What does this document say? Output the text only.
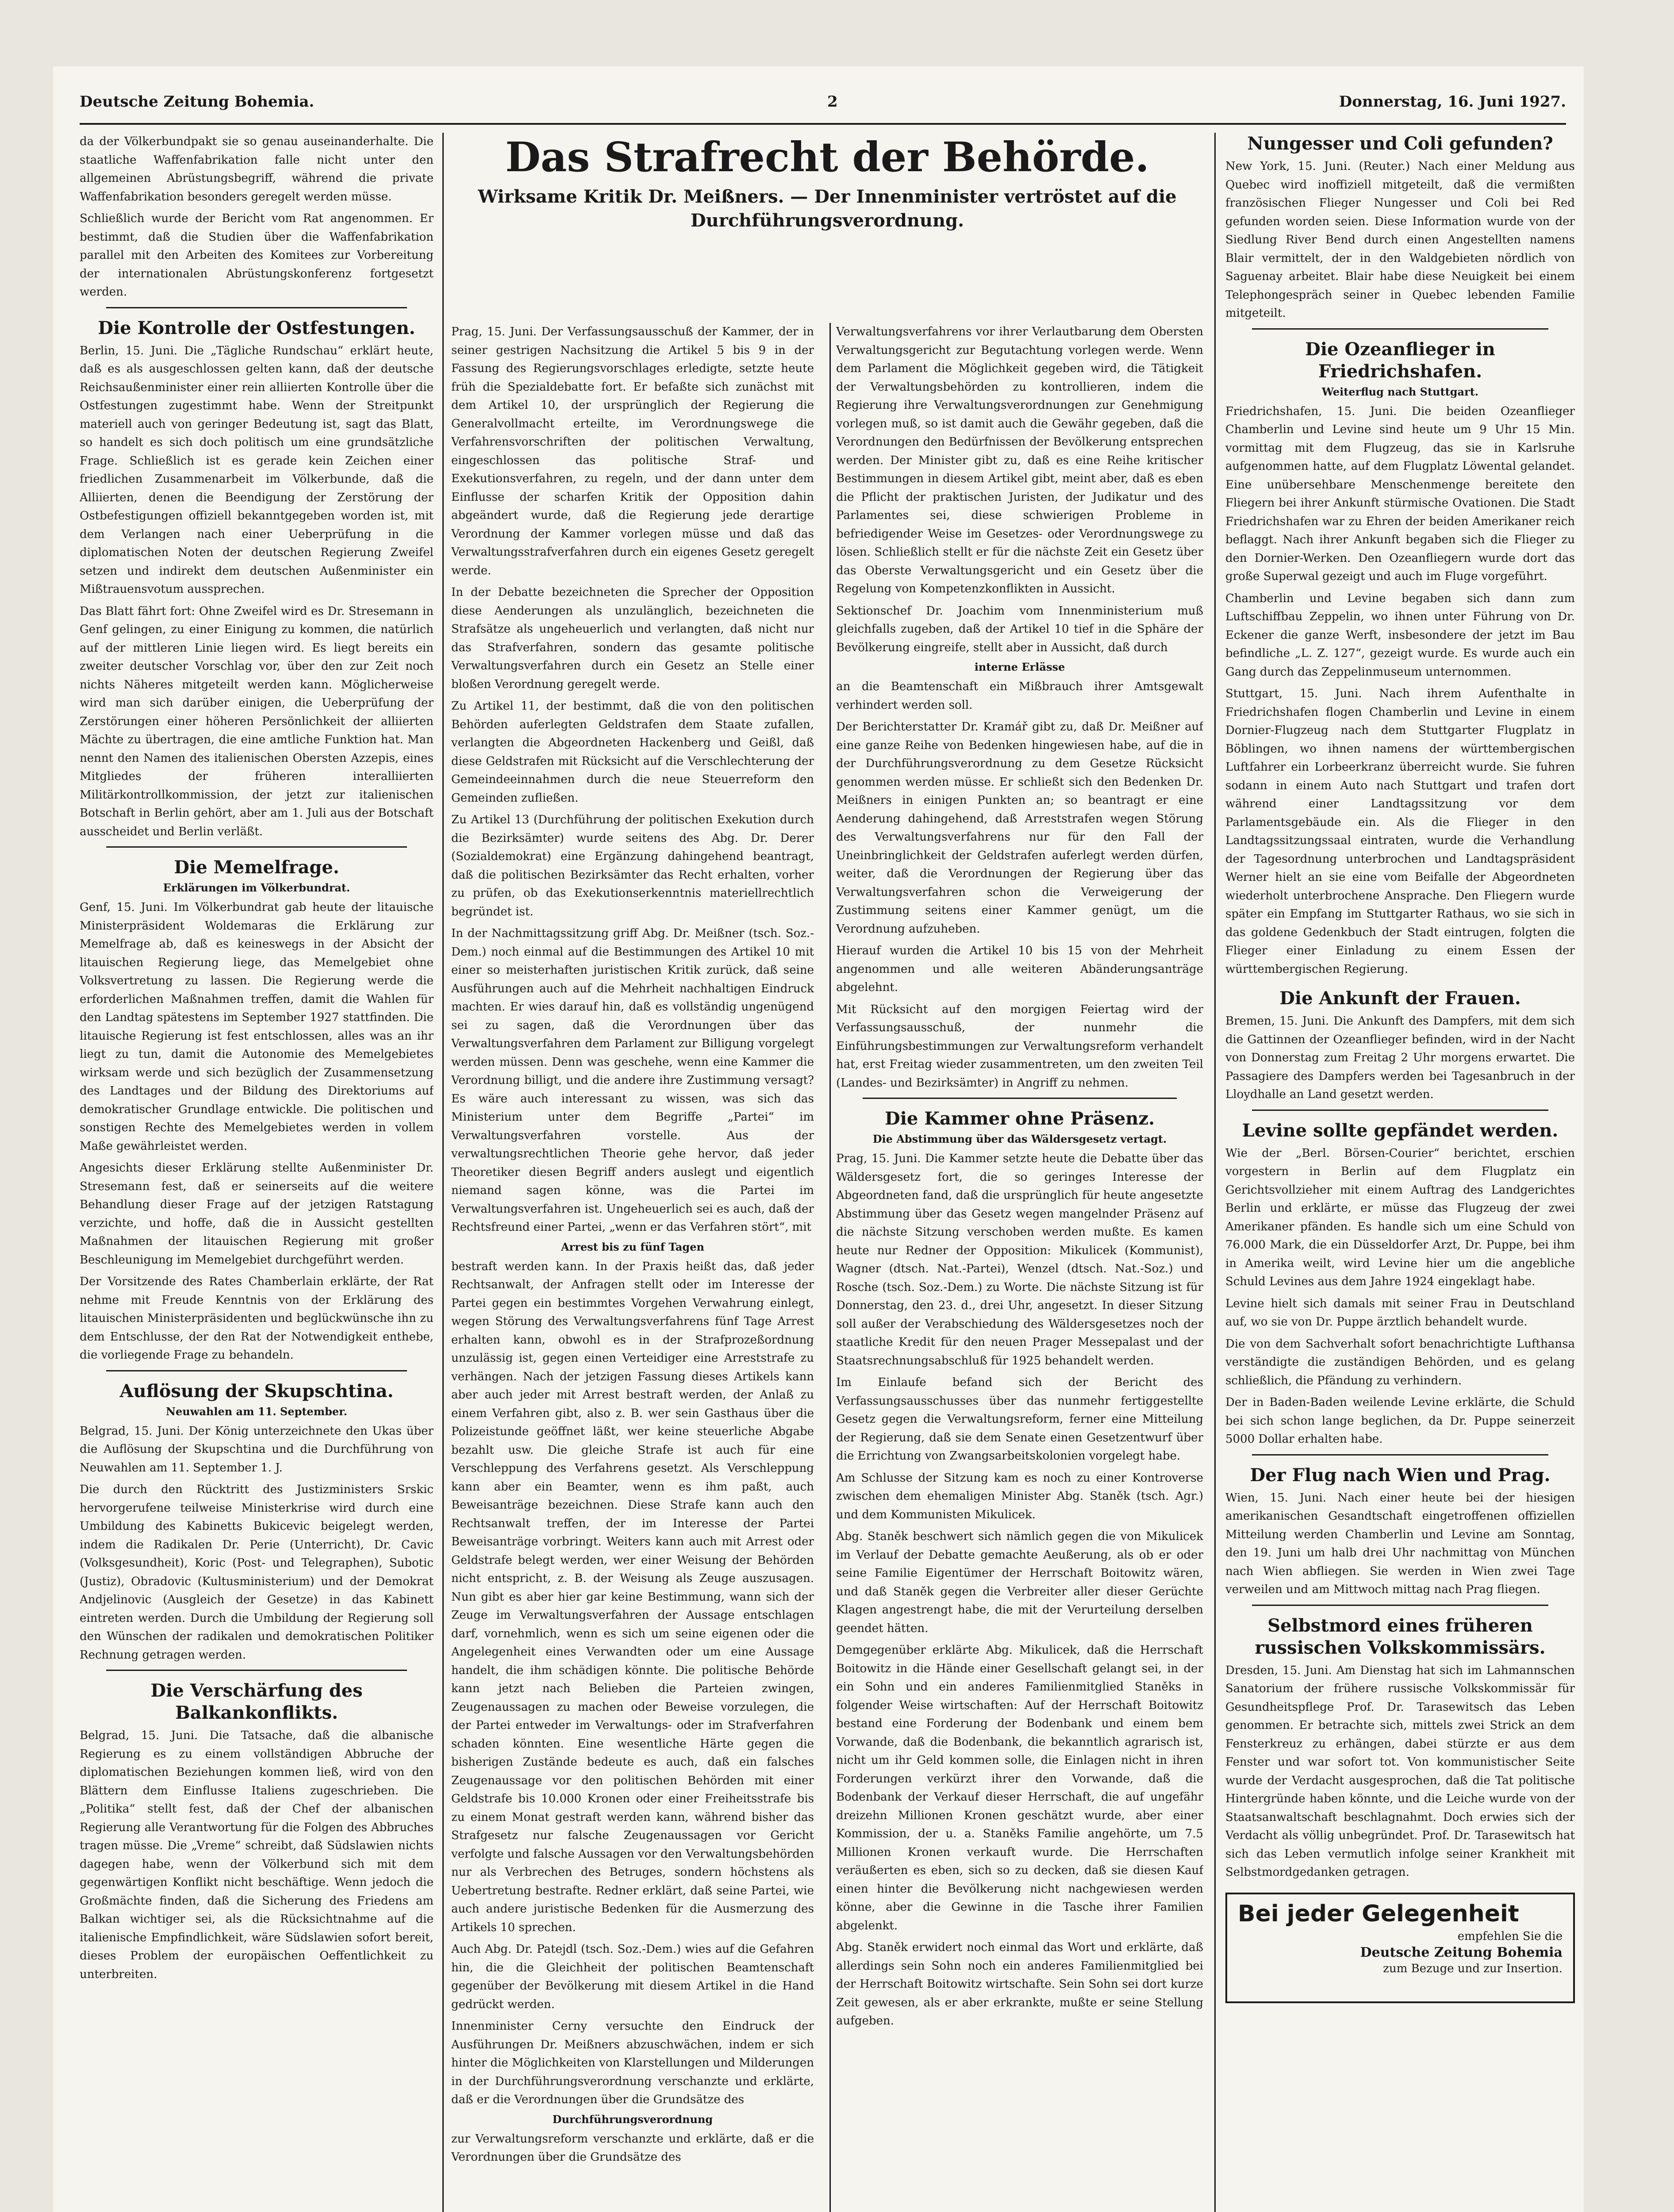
Deutsche Zeitung Bohemia.	2	Donnerstag, 16. Juni 1927.

da der Völkerbundpakt sie so genau auseinanderhalte. Die staatliche Waffenfabrikation falle nicht unter den allgemeinen Abrüstungsbegriff, während die private Waffenfabrikation besonders geregelt werden müsse.

Schließlich wurde der Bericht vom Rat angenommen. Er bestimmt, daß die Studien über die Waffenfabrikation parallel mit den Arbeiten des Komitees zur Vorbereitung der internationalen Abrüstungskonferenz fortgesetzt werden.

Die Kontrolle der Ostfestungen.

Berlin, 15. Juni. Die „Tägliche Rundschau“ erklärt heute, daß es als ausgeschlossen gelten kann, daß der deutsche Reichsaußenminister einer rein alliierten Kontrolle über die Ostfestungen zugestimmt habe. Wenn der Streitpunkt materiell auch von geringer Bedeutung ist, sagt das Blatt, so handelt es sich doch politisch um eine grundsätzliche Frage. Schließlich ist es gerade kein Zeichen einer friedlichen Zusammenarbeit im Völkerbunde, daß die Alliierten, denen die Beendigung der Zerstörung der Ostbefestigungen offiziell bekanntgegeben worden ist, mit dem Verlangen nach einer Ueberprüfung in die diplomatischen Noten der deutschen Regierung Zweifel setzen und indirekt dem deutschen Außenminister ein Mißtrauensvotum aussprechen.

Das Blatt fährt fort: Ohne Zweifel wird es Dr. Stresemann in Genf gelingen, zu einer Einigung zu kommen, die natürlich auf der mittleren Linie liegen wird. Es liegt bereits ein zweiter deutscher Vorschlag vor, über den zur Zeit noch nichts Näheres mitgeteilt werden kann. Möglicherweise wird man sich darüber einigen, die Ueberprüfung der Zerstörungen einer höheren Persönlichkeit der alliierten Mächte zu übertragen, die eine amtliche Funktion hat. Man nennt den Namen des italienischen Obersten Azzepis, eines Mitgliedes der früheren interalliierten Militärkontrollkommission, der jetzt zur italienischen Botschaft in Berlin gehört, aber am 1. Juli aus der Botschaft ausscheidet und Berlin verläßt.

Die Memelfrage.
Erklärungen im Völkerbundrat.

Genf, 15. Juni. Im Völkerbundrat gab heute der litauische Ministerpräsident Woldemaras die Erklärung zur Memelfrage ab, daß es keineswegs in der Absicht der litauischen Regierung liege, das Memelgebiet ohne Volksvertretung zu lassen. Die Regierung werde die erforderlichen Maßnahmen treffen, damit die Wahlen für den Landtag spätestens im September 1927 stattfinden. Die litauische Regierung ist fest entschlossen, alles was an ihr liegt zu tun, damit die Autonomie des Memelgebietes wirksam werde und sich bezüglich der Zusammensetzung des Landtages und der Bildung des Direktoriums auf demokratischer Grundlage entwickle. Die politischen und sonstigen Rechte des Memelgebietes werden in vollem Maße gewährleistet werden.

Angesichts dieser Erklärung stellte Außenminister Dr. Stresemann fest, daß er seinerseits auf die weitere Behandlung dieser Frage auf der jetzigen Ratstagung verzichte, und hoffe, daß die in Aussicht gestellten Maßnahmen der litauischen Regierung mit großer Beschleunigung im Memelgebiet durchgeführt werden.

Der Vorsitzende des Rates Chamberlain erklärte, der Rat nehme mit Freude Kenntnis von der Erklärung des litauischen Ministerpräsidenten und beglückwünsche ihn zu dem Entschlusse, der den Rat der Notwendigkeit enthebe, die vorliegende Frage zu behandeln.

Auflösung der Skupschtina.
Neuwahlen am 11. September.

Belgrad, 15. Juni. Der König unterzeichnete den Ukas über die Auflösung der Skupschtina und die Durchführung von Neuwahlen am 11. September 1. J.

Die durch den Rücktritt des Justizministers Srskic hervorgerufene teilweise Ministerkrise wird durch eine Umbildung des Kabinetts Bukicevic beigelegt werden, indem die Radikalen Dr. Perie (Unterricht), Dr. Cavic (Volksgesundheit), Koric (Post- und Telegraphen), Subotic (Justiz), Obradovic (Kultusministerium) und der Demokrat Andjelinovic (Ausgleich der Gesetze) in das Kabinett eintreten werden. Durch die Umbildung der Regierung soll den Wünschen der radikalen und demokratischen Politiker Rechnung getragen werden.

Die Verschärfung des Balkankonflikts.

Belgrad, 15. Juni. Die Tatsache, daß die albanische Regierung es zu einem vollständigen Abbruche der diplomatischen Beziehungen kommen ließ, wird von den Blättern dem Einflusse Italiens zugeschrieben. Die „Politika“ stellt fest, daß der Chef der albanischen Regierung alle Verantwortung für die Folgen des Abbruches tragen müsse. Die „Vreme“ schreibt, daß Südslawien nichts dagegen habe, wenn der Völkerbund sich mit dem gegenwärtigen Konflikt nicht beschäftige. Wenn jedoch die Großmächte finden, daß die Sicherung des Friedens am Balkan wichtiger sei, als die Rücksichtnahme auf die italienische Empfindlichkeit, wäre Südslawien sofort bereit, dieses Problem der europäischen Oeffentlichkeit zu unterbreiten.

Das Strafrecht der Behörde.
Wirksame Kritik Dr. Meißners. — Der Innenminister vertröstet auf die Durchführungsverordnung.

Prag, 15. Juni. Der Verfassungsausschuß der Kammer, der in seiner gestrigen Nachsitzung die Artikel 5 bis 9 in der Fassung des Regierungsvorschlages erledigte, setzte heute früh die Spezialdebatte fort. Er befaßte sich zunächst mit dem Artikel 10, der ursprünglich der Regierung die Generalvollmacht erteilte, im Verordnungswege die Verfahrensvorschriften der politischen Verwaltung, eingeschlossen das politische Straf- und Exekutionsverfahren, zu regeln, und der dann unter dem Einflusse der scharfen Kritik der Opposition dahin abgeändert wurde, daß die Regierung jede derartige Verordnung der Kammer vorlegen müsse und daß das Verwaltungsstrafverfahren durch ein eigenes Gesetz geregelt werde.

In der Debatte bezeichneten die Sprecher der Opposition diese Aenderungen als unzulänglich, bezeichneten die Strafsätze als ungeheuerlich und verlangten, daß nicht nur das Strafverfahren, sondern das gesamte politische Verwaltungsverfahren durch ein Gesetz an Stelle einer bloßen Verordnung geregelt werde.

Zu Artikel 11, der bestimmt, daß die von den politischen Behörden auferlegten Geldstrafen dem Staate zufallen, verlangten die Abgeordneten Hackenberg und Geißl, daß diese Geldstrafen mit Rücksicht auf die Verschlechterung der Gemeindeeinnahmen durch die neue Steuerreform den Gemeinden zufließen.

Zu Artikel 13 (Durchführung der politischen Exekution durch die Bezirksämter) wurde seitens des Abg. Dr. Derer (Sozialdemokrat) eine Ergänzung dahingehend beantragt, daß die politischen Bezirksämter das Recht erhalten, vorher zu prüfen, ob das Exekutionserkenntnis materiellrechtlich begründet ist.

In der Nachmittagssitzung griff Abg. Dr. Meißner (tsch. Soz.-Dem.) noch einmal auf die Bestimmungen des Artikel 10 mit einer so meisterhaften juristischen Kritik zurück, daß seine Ausführungen auch auf die Mehrheit nachhaltigen Eindruck machten. Er wies darauf hin, daß es vollständig ungenügend sei zu sagen, daß die Verordnungen über das Verwaltungsverfahren dem Parlament zur Billigung vorgelegt werden müssen. Denn was geschehe, wenn eine Kammer die Verordnung billigt, und die andere ihre Zustimmung versagt? Es wäre auch interessant zu wissen, was sich das Ministerium unter dem Begriffe „Partei“ im Verwaltungsverfahren vorstelle. Aus der verwaltungsrechtlichen Theorie gehe hervor, daß jeder Theoretiker diesen Begriff anders auslegt und eigentlich niemand sagen könne, was die Partei im Verwaltungsverfahren ist. Ungeheuerlich sei es auch, daß der Rechtsfreund einer Partei, „wenn er das Verfahren stört“, mit

Arrest bis zu fünf Tagen

bestraft werden kann. In der Praxis heißt das, daß jeder Rechtsanwalt, der Anfragen stellt oder im Interesse der Partei gegen ein bestimmtes Vorgehen Verwahrung einlegt, wegen Störung des Verwaltungsverfahrens fünf Tage Arrest erhalten kann, obwohl es in der Strafprozeßordnung unzulässig ist, gegen einen Verteidiger eine Arreststrafe zu verhängen. Nach der jetzigen Fassung dieses Artikels kann aber auch jeder mit Arrest bestraft werden, der Anlaß zu einem Verfahren gibt, also z. B. wer sein Gasthaus über die Polizeistunde geöffnet läßt, wer keine steuerliche Abgabe bezahlt usw. Die gleiche Strafe ist auch für eine Verschleppung des Verfahrens gesetzt. Als Verschleppung kann aber ein Beamter, wenn es ihm paßt, auch Beweisanträge bezeichnen. Diese Strafe kann auch den Rechtsanwalt treffen, der im Interesse der Partei Beweisanträge vorbringt. Weiters kann auch mit Arrest oder Geldstrafe belegt werden, wer einer Weisung der Behörden nicht entspricht, z. B. der Weisung als Zeuge auszusagen. Nun gibt es aber hier gar keine Bestimmung, wann sich der Zeuge im Verwaltungsverfahren der Aussage entschlagen darf, vornehmlich, wenn es sich um seine eigenen oder die Angelegenheit eines Verwandten oder um eine Aussage handelt, die ihm schädigen könnte. Die politische Behörde kann jetzt nach Belieben die Parteien zwingen, Zeugenaussagen zu machen oder Beweise vorzulegen, die der Partei entweder im Verwaltungs- oder im Strafverfahren schaden könnten. Eine wesentliche Härte gegen die bisherigen Zustände bedeute es auch, daß ein falsches Zeugenaussage vor den politischen Behörden mit einer Geldstrafe bis 10.000 Kronen oder einer Freiheitsstrafe bis zu einem Monat gestraft werden kann, während bisher das Strafgesetz nur falsche Zeugenaussagen vor Gericht verfolgte und falsche Aussagen vor den Verwaltungsbehörden nur als Verbrechen des Betruges, sondern höchstens als Uebertretung bestrafte. Redner erklärt, daß seine Partei, wie auch andere juristische Bedenken für die Ausmerzung des Artikels 10 sprechen.

Auch Abg. Dr. Patejdl (tsch. Soz.-Dem.) wies auf die Gefahren hin, die die Gleichheit der politischen Beamtenschaft gegenüber der Bevölkerung mit diesem Artikel in die Hand gedrückt werden.

Innenminister Cerny versuchte den Eindruck der Ausführungen Dr. Meißners abzuschwächen, indem er sich hinter die Möglichkeiten von Klarstellungen und Milderungen in der Durchführungsverordnung verschanzte und erklärte, daß er die Verordnungen über die Grundsätze des

Durchführungsverordnung

zur Verwaltungsreform verschanzte und erklärte, daß er die Verordnungen über die Grundsätze des

Verwaltungsverfahrens vor ihrer Verlautbarung dem Obersten Verwaltungsgericht zur Begutachtung vorlegen werde. Wenn dem Parlament die Möglichkeit gegeben wird, die Tätigkeit der Verwaltungsbehörden zu kontrollieren, indem die Regierung ihre Verwaltungsverordnungen zur Genehmigung vorlegen muß, so ist damit auch die Gewähr gegeben, daß die Verordnungen den Bedürfnissen der Bevölkerung entsprechen werden. Der Minister gibt zu, daß es eine Reihe kritischer Bestimmungen in diesem Artikel gibt, meint aber, daß es eben die Pflicht der praktischen Juristen, der Judikatur und des Parlamentes sei, diese schwierigen Probleme in befriedigender Weise im Gesetzes- oder Verordnungswege zu lösen. Schließlich stellt er für die nächste Zeit ein Gesetz über das Oberste Verwaltungsgericht und ein Gesetz über die Regelung von Kompetenzkonflikten in Aussicht.

Sektionschef Dr. Joachim vom Innenministerium muß gleichfalls zugeben, daß der Artikel 10 tief in die Sphäre der Bevölkerung eingreife, stellt aber in Aussicht, daß durch

interne Erlässe

an die Beamtenschaft ein Mißbrauch ihrer Amtsgewalt verhindert werden soll.

Der Berichterstatter Dr. Kramář gibt zu, daß Dr. Meißner auf eine ganze Reihe von Bedenken hingewiesen habe, auf die in der Durchführungsverordnung zu dem Gesetze Rücksicht genommen werden müsse. Er schließt sich den Bedenken Dr. Meißners in einigen Punkten an; so beantragt er eine Aenderung dahingehend, daß Arreststrafen wegen Störung des Verwaltungsverfahrens nur für den Fall der Uneinbringlichkeit der Geldstrafen auferlegt werden dürfen, weiter, daß die Verordnungen der Regierung über das Verwaltungsverfahren schon die Verweigerung der Zustimmung seitens einer Kammer genügt, um die Verordnung aufzuheben.

Hierauf wurden die Artikel 10 bis 15 von der Mehrheit angenommen und alle weiteren Abänderungsanträge abgelehnt.

Mit Rücksicht auf den morgigen Feiertag wird der Verfassungsausschuß, der nunmehr die Einführungsbestimmungen zur Verwaltungsreform verhandelt hat, erst Freitag wieder zusammentreten, um den zweiten Teil (Landes- und Bezirksämter) in Angriff zu nehmen.

Die Kammer ohne Präsenz.
Die Abstimmung über das Wäldersgesetz vertagt.

Prag, 15. Juni. Die Kammer setzte heute die Debatte über das Wäldersgesetz fort, die so geringes Interesse der Abgeordneten fand, daß die ursprünglich für heute angesetzte Abstimmung über das Gesetz wegen mangelnder Präsenz auf die nächste Sitzung verschoben werden mußte. Es kamen heute nur Redner der Opposition: Mikulicek (Kommunist), Wagner (dtsch. Nat.-Partei), Wenzel (dtsch. Nat.-Soz.) und Rosche (tsch. Soz.-Dem.) zu Worte. Die nächste Sitzung ist für Donnerstag, den 23. d., drei Uhr, angesetzt. In dieser Sitzung soll außer der Verabschiedung des Wäldersgesetzes noch der staatliche Kredit für den neuen Prager Messepalast und der Staatsrechnungsabschluß für 1925 behandelt werden.

Im Einlaufe befand sich der Bericht des Verfassungsausschusses über das nunmehr fertiggestellte Gesetz gegen die Verwaltungsreform, ferner eine Mitteilung der Regierung, daß sie dem Senate einen Gesetzentwurf über die Errichtung von Zwangsarbeitskolonien vorgelegt habe.

Am Schlusse der Sitzung kam es noch zu einer Kontroverse zwischen dem ehemaligen Minister Abg. Staněk (tsch. Agr.) und dem Kommunisten Mikulicek.

Abg. Staněk beschwert sich nämlich gegen die von Mikulicek im Verlauf der Debatte gemachte Aeußerung, als ob er oder seine Familie Eigentümer der Herrschaft Boitowitz wären, und daß Staněk gegen die Verbreiter aller dieser Gerüchte Klagen angestrengt habe, die mit der Verurteilung derselben geendet hätten.

Demgegenüber erklärte Abg. Mikulicek, daß die Herrschaft Boitowitz in die Hände einer Gesellschaft gelangt sei, in der ein Sohn und ein anderes Familienmitglied Staněks in folgender Weise wirtschaften: Auf der Herrschaft Boitowitz bestand eine Forderung der Bodenbank und einem bem Vorwande, daß die Bodenbank, die bekanntlich agrarisch ist, nicht um ihr Geld kommen solle, die Einlagen nicht in ihren Forderungen verkürzt ihrer den Vorwande, daß die Bodenbank der Verkauf dieser Herrschaft, die auf ungefähr dreizehn Millionen Kronen geschätzt wurde, aber einer Kommission, der u. a. Staněks Familie angehörte, um 7.5 Millionen Kronen verkauft wurde. Die Herrschaften veräußerten es eben, sich so zu decken, daß sie diesen Kauf einen hinter die Bevölkerung nicht nachgewiesen werden könne, aber die Gewinne in die Tasche ihrer Familien abgelenkt.

Abg. Staněk erwidert noch einmal das Wort und erklärte, daß allerdings sein Sohn noch ein anderes Familienmitglied bei der Herrschaft Boitowitz wirtschafte. Sein Sohn sei dort kurze Zeit gewesen, als er aber erkrankte, mußte er seine Stellung aufgeben.

Nungesser und Coli gefunden?

New York, 15. Juni. (Reuter.) Nach einer Meldung aus Quebec wird inoffiziell mitgeteilt, daß die vermißten französischen Flieger Nungesser und Coli bei Red gefunden worden seien. Diese Information wurde von der Siedlung River Bend durch einen Angestellten namens Blair vermittelt, der in den Waldgebieten nördlich von Saguenay arbeitet. Blair habe diese Neuigkeit bei einem Telephongespräch seiner in Quebec lebenden Familie mitgeteilt.

Die Ozeanflieger in Friedrichshafen.
Weiterflug nach Stuttgart.

Friedrichshafen, 15. Juni. Die beiden Ozeanflieger Chamberlin und Levine sind heute um 9 Uhr 15 Min. vormittag mit dem Flugzeug, das sie in Karlsruhe aufgenommen hatte, auf dem Flugplatz Löwental gelandet. Eine unübersehbare Menschenmenge bereitete den Fliegern bei ihrer Ankunft stürmische Ovationen. Die Stadt Friedrichshafen war zu Ehren der beiden Amerikaner reich beflaggt. Nach ihrer Ankunft begaben sich die Flieger zu den Dornier-Werken. Den Ozeanfliegern wurde dort das große Superwal gezeigt und auch im Fluge vorgeführt.

Chamberlin und Levine begaben sich dann zum Luftschiffbau Zeppelin, wo ihnen unter Führung von Dr. Eckener die ganze Werft, insbesondere der jetzt im Bau befindliche „L. Z. 127“, gezeigt wurde. Es wurde auch ein Gang durch das Zeppelinmuseum unternommen.

Stuttgart, 15. Juni. Nach ihrem Aufenthalte in Friedrichshafen flogen Chamberlin und Levine in einem Dornier-Flugzeug nach dem Stuttgarter Flugplatz in Böblingen, wo ihnen namens der württembergischen Luftfahrer ein Lorbeerkranz überreicht wurde. Sie fuhren sodann in einem Auto nach Stuttgart und trafen dort während einer Landtagssitzung vor dem Parlamentsgebäude ein. Als die Flieger in den Landtagssitzungssaal eintraten, wurde die Verhandlung der Tagesordnung unterbrochen und Landtagspräsident Werner hielt an sie eine vom Beifalle der Abgeordneten wiederholt unterbrochene Ansprache. Den Fliegern wurde später ein Empfang im Stuttgarter Rathaus, wo sie sich in das goldene Gedenkbuch der Stadt eintrugen, folgten die Flieger einer Einladung zu einem Essen der württembergischen Regierung.

Die Ankunft der Frauen.

Bremen, 15. Juni. Die Ankunft des Dampfers, mit dem sich die Gattinnen der Ozeanflieger befinden, wird in der Nacht von Donnerstag zum Freitag 2 Uhr morgens erwartet. Die Passagiere des Dampfers werden bei Tagesanbruch in der Lloydhalle an Land gesetzt werden.

Levine sollte gepfändet werden.

Wie der „Berl. Börsen-Courier“ berichtet, erschien vorgestern in Berlin auf dem Flugplatz ein Gerichtsvollzieher mit einem Auftrag des Landgerichtes Berlin und erklärte, er müsse das Flugzeug der zwei Amerikaner pfänden. Es handle sich um eine Schuld von 76.000 Mark, die ein Düsseldorfer Arzt, Dr. Puppe, bei ihm in Amerika weilt, wird Levine hier um die angebliche Schuld Levines aus dem Jahre 1924 eingeklagt habe.

Levine hielt sich damals mit seiner Frau in Deutschland auf, wo sie von Dr. Puppe ärztlich behandelt wurde.

Die von dem Sachverhalt sofort benachrichtigte Lufthansa verständigte die zuständigen Behörden, und es gelang schließlich, die Pfändung zu verhindern.

Der in Baden-Baden weilende Levine erklärte, die Schuld bei sich schon lange beglichen, da Dr. Puppe seinerzeit 5000 Dollar erhalten habe.

Der Flug nach Wien und Prag.

Wien, 15. Juni. Nach einer heute bei der hiesigen amerikanischen Gesandtschaft eingetroffenen offiziellen Mitteilung werden Chamberlin und Levine am Sonntag, den 19. Juni um halb drei Uhr nachmittag von München nach Wien abfliegen. Sie werden in Wien zwei Tage verweilen und am Mittwoch mittag nach Prag fliegen.

Selbstmord eines früheren russischen Volkskommissärs.

Dresden, 15. Juni. Am Dienstag hat sich im Lahmannschen Sanatorium der frühere russische Volkskommissär für Gesundheitspflege Prof. Dr. Tarasewitsch das Leben genommen. Er betrachte sich, mittels zwei Strick an dem Fensterkreuz zu erhängen, dabei stürzte er aus dem Fenster und war sofort tot. Von kommunistischer Seite wurde der Verdacht ausgesprochen, daß die Tat politische Hintergründe haben könnte, und die Leiche wurde von der Staatsanwaltschaft beschlagnahmt. Doch erwies sich der Verdacht als völlig unbegründet. Prof. Dr. Tarasewitsch hat sich das Leben vermutlich infolge seiner Krankheit mit Selbstmordgedanken getragen.

Bei jeder Gelegenheit
empfehlen Sie die
Deutsche Zeitung Bohemia
zum Bezuge und zur Insertion.
